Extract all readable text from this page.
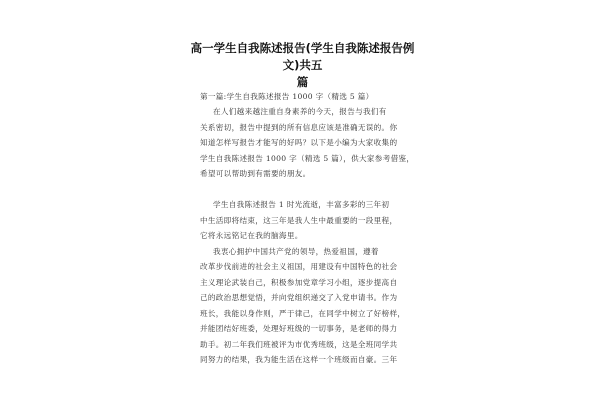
高一学生自我陈述报告(学生自我陈述报告例文)共五
篇
第一篇:学生自我陈述报告 1000 字（精选 5 篇）
在人们越来越注重自身素养的今天，报告与我们有
关系密切，报告中提到的所有信息应该是准确无误的。你
知道怎样写报告才能写的好吗？以下是小编为大家收集的
学生自我陈述报告 1000 字（精选 5 篇），供大家参考借鉴，
希望可以帮助到有需要的朋友。
学生自我陈述报告 1 时光流逝，丰富多彩的三年初
中生活即将结束，这三年是我人生中最重要的一段里程，
它将永远铭记在我的脑海里。
我衷心拥护中国共产党的领导，热爱祖国，遵着
改革步伐前进的社会主义祖国，用建设有中国特色的社会
主义理论武装自己，积极参加党章学习小组，逐步提高自
己的政治思想觉悟，并向党组织递交了入党申请书。作为
班长，我能以身作则，严于律己，在同学中树立了好榜样，
并能团结好班委，处理好班级的一切事务，是老师的得力
助手。初二年我们班被评为市优秀班级，这是全班同学共
同努力的结果，我为能生活在这样一个班级而自豪。三年
